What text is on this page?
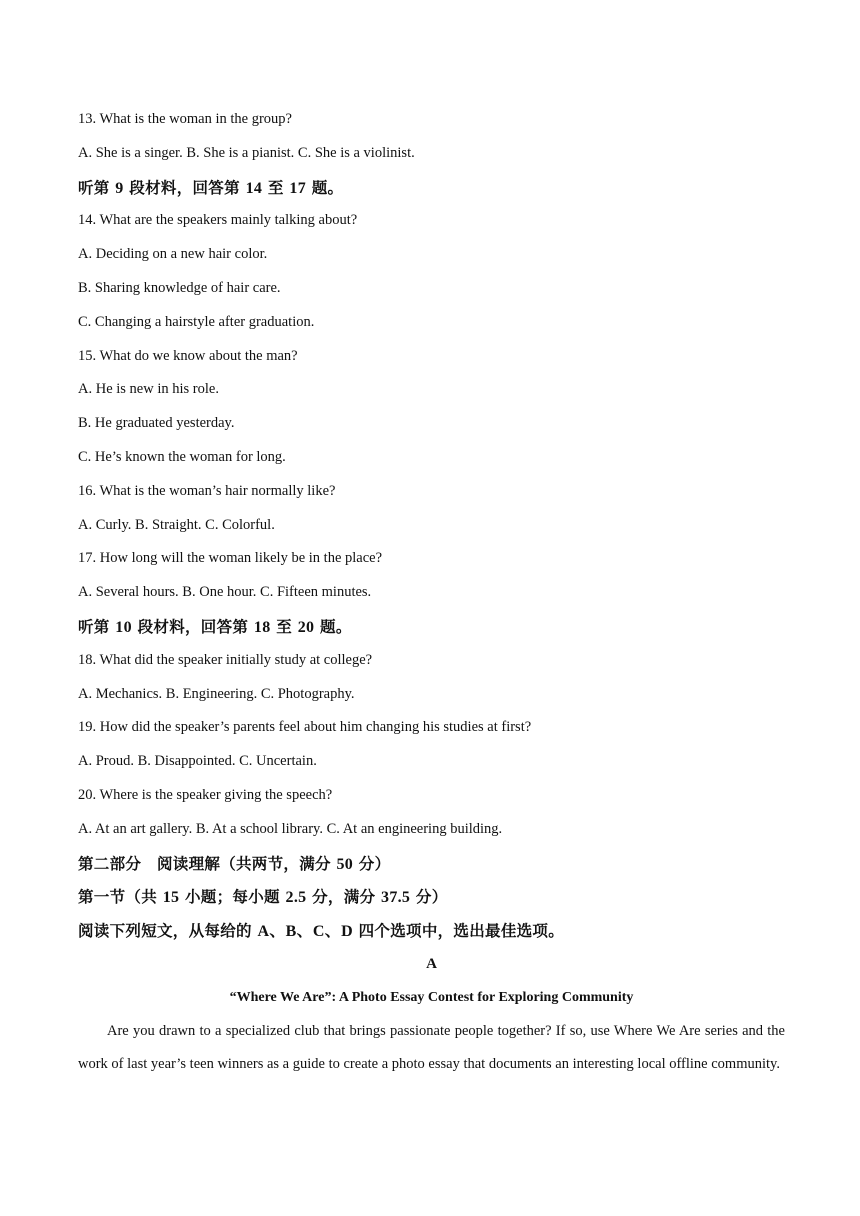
13. What is the woman in the group?
A. She is a singer. B. She is a pianist. C. She is a violinist.
听第 9 段材料，回答第 14 至 17 题。
14. What are the speakers mainly talking about?
A. Deciding on a new hair color.
B. Sharing knowledge of hair care.
C. Changing a hairstyle after graduation.
15. What do we know about the man?
A. He is new in his role.
B. He graduated yesterday.
C. He’s known the woman for long.
16. What is the woman’s hair normally like?
A. Curly. B. Straight. C. Colorful.
17. How long will the woman likely be in the place?
A. Several hours. B. One hour. C. Fifteen minutes.
听第 10 段材料，回答第 18 至 20 题。
18. What did the speaker initially study at college?
A. Mechanics. B. Engineering. C. Photography.
19. How did the speaker’s parents feel about him changing his studies at first?
A. Proud. B. Disappointed. C. Uncertain.
20. Where is the speaker giving the speech?
A. At an art gallery. B. At a school library. C. At an engineering building.
第二部分　阅读理解（共两节，满分 50 分）
第一节（共 15 小题；每小题 2.5 分，满分 37.5 分）
阅读下列短文，从每给的 A、B、C、D 四个选项中，选出最佳选项。
A
“Where We Are”: A Photo Essay Contest for Exploring Community
Are you drawn to a specialized club that brings passionate people together? If so, use Where We Are series and the work of last year’s teen winners as a guide to create a photo essay that documents an interesting local offline community.
